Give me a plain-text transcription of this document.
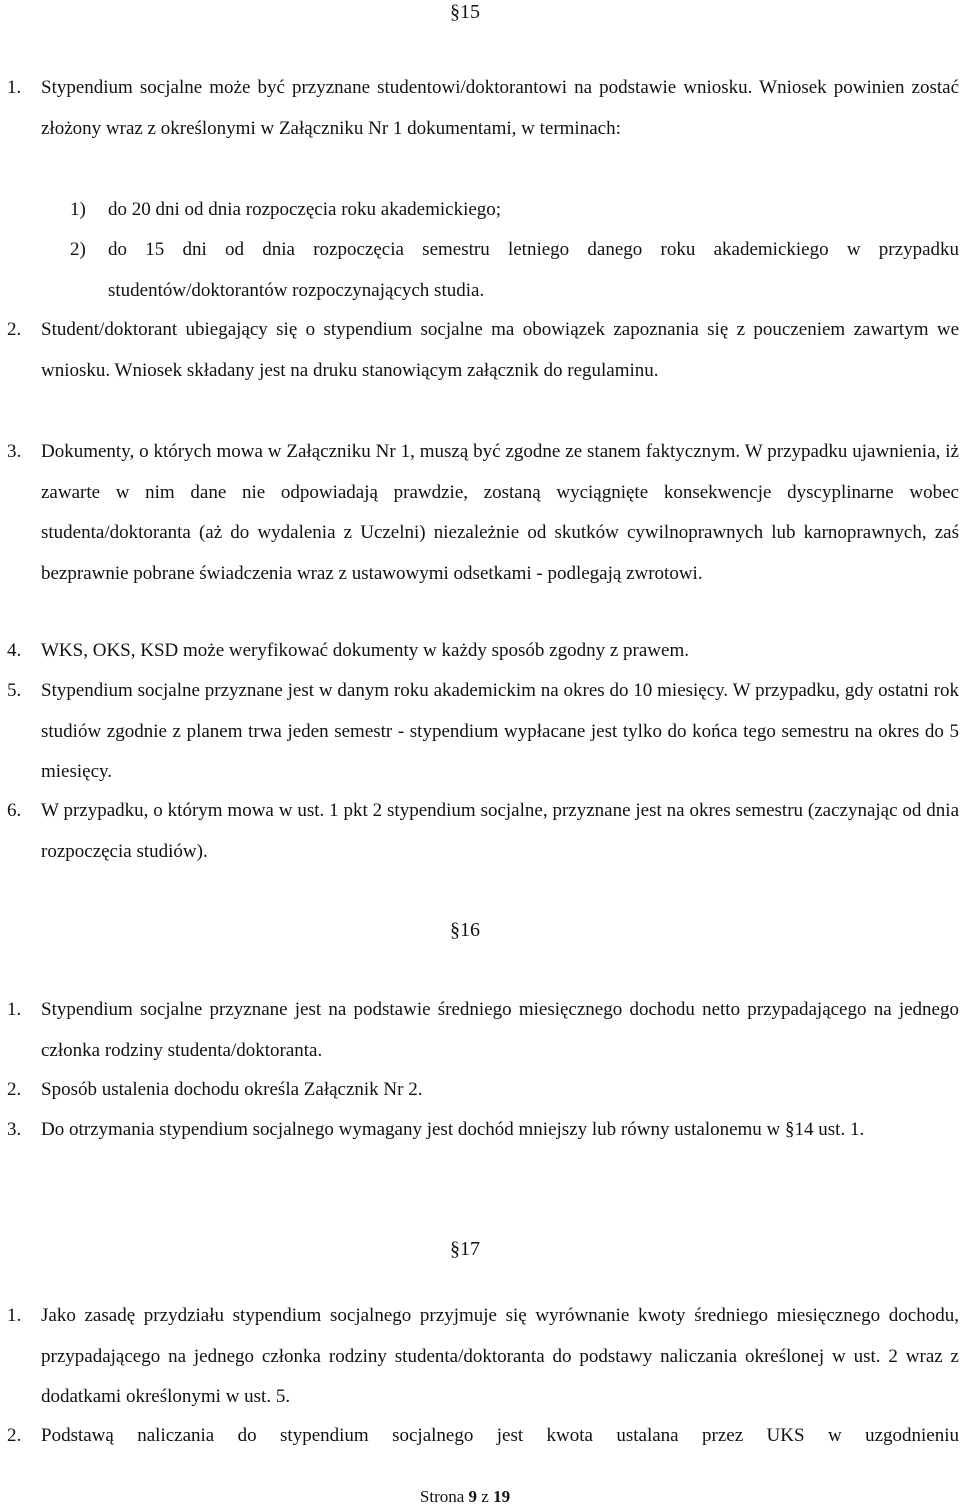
§15
1. Stypendium socjalne może być przyznane studentowi/doktorantowi na podstawie wniosku. Wniosek powinien zostać złożony wraz z określonymi w Załączniku Nr 1 dokumentami, w terminach:
1) do 20 dni od dnia rozpoczęcia roku akademickiego;
2) do 15 dni od dnia rozpoczęcia semestru letniego danego roku akademickiego w przypadku studentów/doktorantów rozpoczynających studia.
2. Student/doktorant ubiegający się o stypendium socjalne ma obowiązek zapoznania się z pouczeniem zawartym we wniosku. Wniosek składany jest na druku stanowiącym załącznik do regulaminu.
3. Dokumenty, o których mowa w Załączniku Nr 1, muszą być zgodne ze stanem faktycznym. W przypadku ujawnienia, iż zawarte w nim dane nie odpowiadają prawdzie, zostaną wyciągnięte konsekwencje dyscyplinarne wobec studenta/doktoranta (aż do wydalenia z Uczelni) niezależnie od skutków cywilnoprawnych lub karnoprawnych, zaś bezprawnie pobrane świadczenia wraz z ustawowymi odsetkami - podlegają zwrotowi.
4. WKS, OKS, KSD może weryfikować dokumenty w każdy sposób zgodny z prawem.
5. Stypendium socjalne przyznane jest w danym roku akademickim na okres do 10 miesięcy. W przypadku, gdy ostatni rok studiów zgodnie z planem trwa jeden semestr - stypendium wypłacane jest tylko do końca tego semestru na okres do 5 miesięcy.
6. W przypadku, o którym mowa w ust. 1 pkt 2 stypendium socjalne, przyznane jest na okres semestru (zaczynając od dnia rozpoczęcia studiów).
§16
1. Stypendium socjalne przyznane jest na podstawie średniego miesięcznego dochodu netto przypadającego na jednego członka rodziny studenta/doktoranta.
2. Sposób ustalenia dochodu określa Załącznik Nr 2.
3. Do otrzymania stypendium socjalnego wymagany jest dochód mniejszy lub równy ustalonemu w §14 ust. 1.
§17
1. Jako zasadę przydziału stypendium socjalnego przyjmuje się wyrównanie kwoty średniego miesięcznego dochodu, przypadającego na jednego członka rodziny studenta/doktoranta do podstawy naliczania określonej w ust. 2 wraz z dodatkami określonymi w ust. 5.
2. Podstawą naliczania do stypendium socjalnego jest kwota ustalana przez UKS w uzgodnieniu
Strona 9 z 19
